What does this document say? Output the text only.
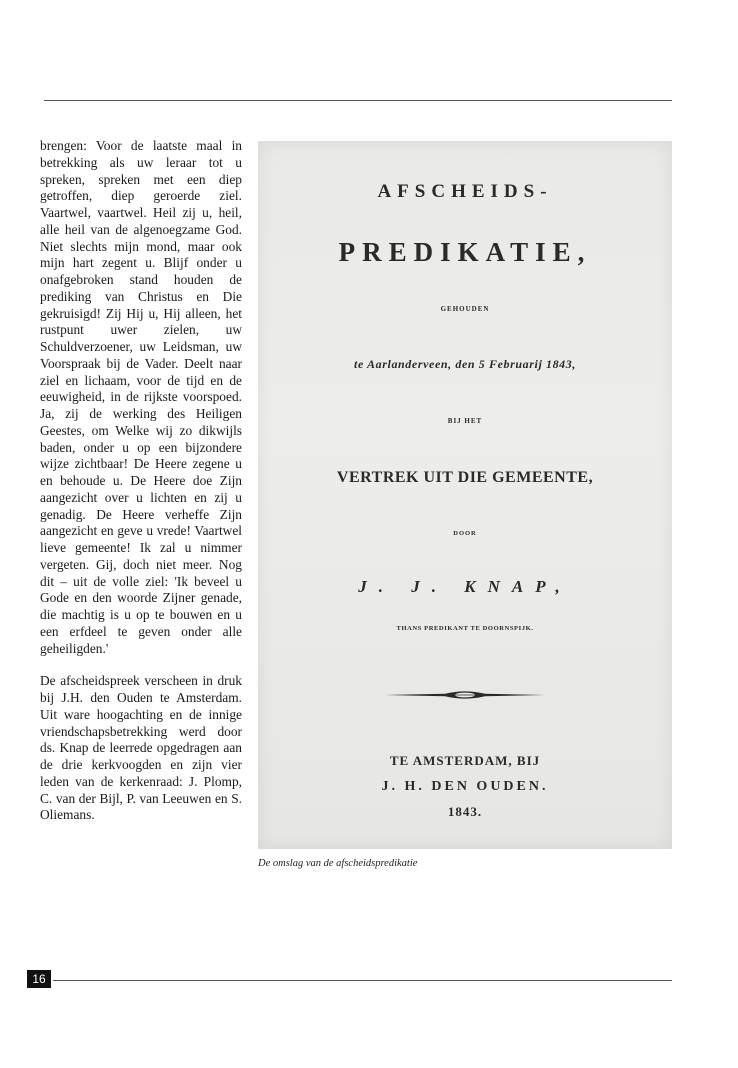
brengen: Voor de laatste maal in betrekking als uw leraar tot u spreken, spreken met een diep getroffen, diep geroerde ziel. Vaartwel, vaartwel. Heil zij u, heil, alle heil van de algenoegzame God. Niet slechts mijn mond, maar ook mijn hart zegent u. Blijf onder u onafgebroken stand houden de prediking van Christus en Die gekruisigd! Zij Hij u, Hij alleen, het rustpunt uwer zielen, uw Schuldverzoener, uw Leidsman, uw Voorspraak bij de Vader. Deelt naar ziel en lichaam, voor de tijd en de eeuwigheid, in de rijkste voorspoed. Ja, zij de werking des Heiligen Geestes, om Welke wij zo dikwijls baden, onder u op een bijzondere wijze zichtbaar! De Heere zegene u en behoude u. De Heere doe Zijn aangezicht over u lichten en zij u genadig. De Heere verheffe Zijn aangezicht en geve u vrede! Vaartwel lieve gemeente! Ik zal u nimmer vergeten. Gij, doch niet meer. Nog dit – uit de volle ziel: 'Ik beveel u Gode en den woorde Zijner genade, die machtig is u op te bouwen en u een erfdeel te geven onder alle geheiligden.'

De afscheidspreek verscheen in druk bij J.H. den Ouden te Amsterdam. Uit ware hoogachting en de innige vriendschapsbetrekking werd door ds. Knap de leerrede opgedragen aan de drie kerkvoogden en zijn vier leden van de kerkenraad: J. Plomp, C. van der Bijl, P. van Leeuwen en S. Oliemans.

AFSCHEIDS-

PREDIKATIE,

GEHOUDEN

te Aarlanderveen, den 5 Februarij 1843,

BIJ HET

VERTREK UIT DIE GEMEENTE,

DOOR

J. J. KNAP,

THANS PREDIKANT TE DOORNSPIJK.

TE AMSTERDAM, BIJ

J. H. DEN OUDEN.

1843.

De omslag van de afscheidspredikatie
16
